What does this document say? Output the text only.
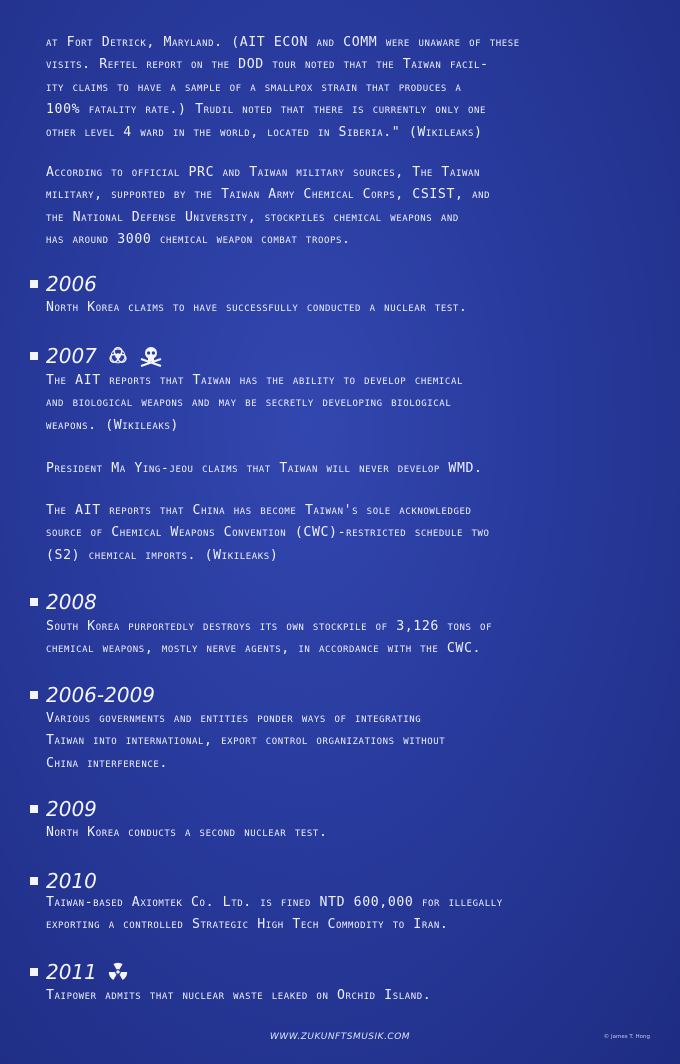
at Fort Detrick, Maryland. (AIT ECON and COMM were unaware of these
visits. Reftel report on the DOD tour noted that the Taiwan facil-
ity claims to have a sample of a smallpox strain that produces a
100% fatality rate.) Trudil noted that there is currently only one
other level 4 ward in the world, located in Siberia." (Wikileaks)
According to official PRC and Taiwan military sources, The Taiwan
military, supported by the Taiwan Army Chemical Corps, CSIST, and
the National Defense University, stockpiles chemical weapons and
has around 3000 chemical weapon combat troops.
2006
North Korea claims to have successfully conducted a nuclear test.
2007
The AIT reports that Taiwan has the ability to develop chemical
and biological weapons and may be secretly developing biological
weapons. (Wikileaks)
President Ma Ying-jeou claims that Taiwan will never develop WMD.
The AIT reports that China has become Taiwan's sole acknowledged
source of Chemical Weapons Convention (CWC)-restricted schedule two
(S2) chemical imports. (Wikileaks)
2008
South Korea purportedly destroys its own stockpile of 3,126 tons of
chemical weapons, mostly nerve agents, in accordance with the CWC.
2006-2009
Various governments and entities ponder ways of integrating
Taiwan into international, export control organizations without
China interference.
2009
North Korea conducts a second nuclear test.
2010
Taiwan-based Axiomtek Co. Ltd. is fined NTD 600,000 for illegally
exporting a controlled Strategic High Tech Commodity to Iran.
2011
Taipower admits that nuclear waste leaked on Orchid Island.
WWW.ZUKUNFTSMUSIK.COM	© James T. Hong
